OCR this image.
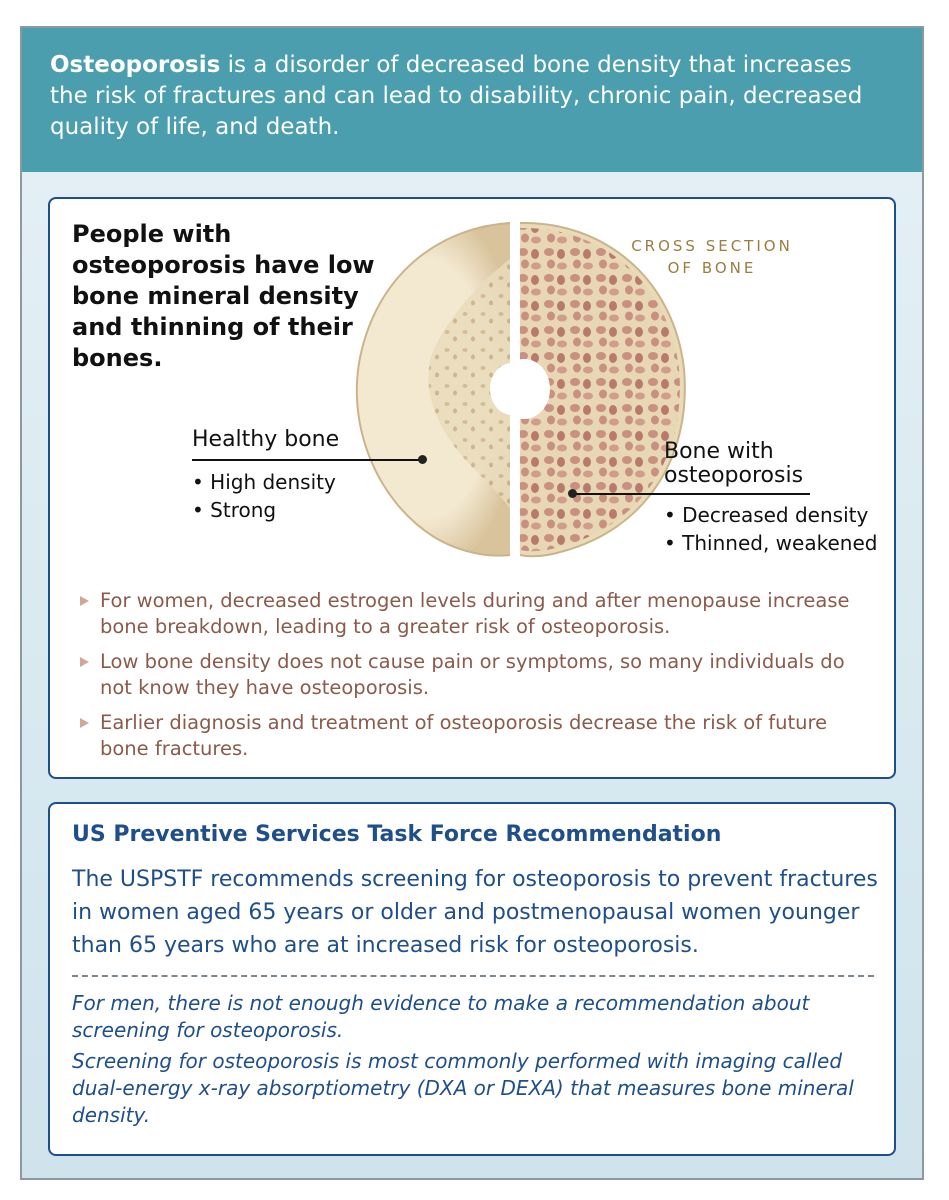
Osteoporosis is a disorder of decreased bone density that increases the risk of fractures and can lead to disability, chronic pain, decreased quality of life, and death.
People with osteoporosis have low bone mineral density and thinning of their bones.
CROSS SECTION
OF BONE
Healthy bone
• High density
• Strong
Bone with
osteoporosis
• Decreased density
• Thinned, weakened
For women, decreased estrogen levels during and after menopause increase bone breakdown, leading to a greater risk of osteoporosis.
Low bone density does not cause pain or symptoms, so many individuals do not know they have osteoporosis.
Earlier diagnosis and treatment of osteoporosis decrease the risk of future bone fractures.
US Preventive Services Task Force Recommendation
The USPSTF recommends screening for osteoporosis to prevent fractures in women aged 65 years or older and postmenopausal women younger than 65 years who are at increased risk for osteoporosis.
For men, there is not enough evidence to make a recommendation about screening for osteoporosis.
Screening for osteoporosis is most commonly performed with imaging called dual-energy x-ray absorptiometry (DXA or DEXA) that measures bone mineral density.
